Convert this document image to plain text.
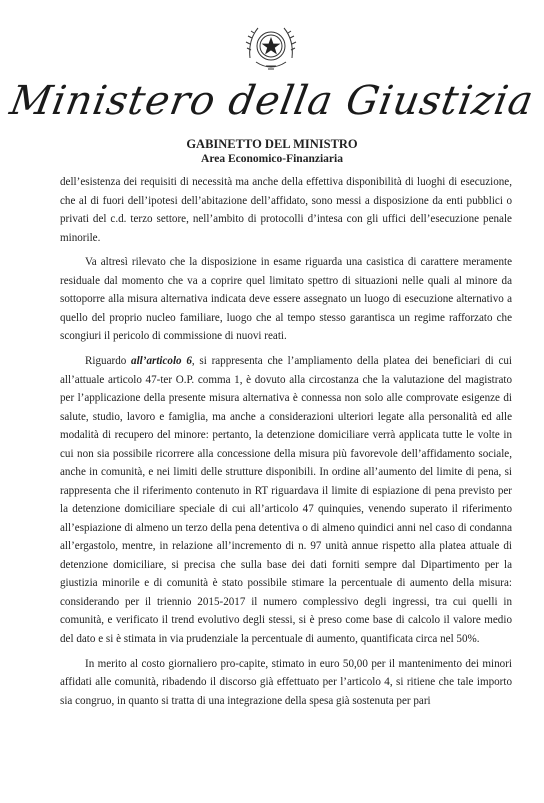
Ministero della Giustizia
GABINETTO DEL MINISTRO
Area Economico-Finanziaria

dell’esistenza dei requisiti di necessità ma anche della effettiva disponibilità di luoghi di esecuzione, che al di fuori dell’ipotesi dell’abitazione dell’affidato, sono messi a disposizione da enti pubblici o privati del c.d. terzo settore, nell’ambito di protocolli d’intesa con gli uffici dell’esecuzione penale minorile.

Va altresì rilevato che la disposizione in esame riguarda una casistica di carattere meramente residuale dal momento che va a coprire quel limitato spettro di situazioni nelle quali al minore da sottoporre alla misura alternativa indicata deve essere assegnato un luogo di esecuzione alternativo a quello del proprio nucleo familiare, luogo che al tempo stesso garantisca un regime rafforzato che scongiuri il pericolo di commissione di nuovi reati.

Riguardo all’articolo 6, si rappresenta che l’ampliamento della platea dei beneficiari di cui all’attuale articolo 47-ter O.P. comma 1, è dovuto alla circostanza che la valutazione del magistrato per l’applicazione della presente misura alternativa è connessa non solo alle comprovate esigenze di salute, studio, lavoro e famiglia, ma anche a considerazioni ulteriori legate alla personalità ed alle modalità di recupero del minore: pertanto, la detenzione domiciliare verrà applicata tutte le volte in cui non sia possibile ricorrere alla concessione della misura più favorevole dell’affidamento sociale, anche in comunità, e nei limiti delle strutture disponibili. In ordine all’aumento del limite di pena, si rappresenta che il riferimento contenuto in RT riguardava il limite di espiazione di pena previsto per la detenzione domiciliare speciale di cui all’articolo 47 quinquies, venendo superato il riferimento all’espiazione di almeno un terzo della pena detentiva o di almeno quindici anni nel caso di condanna all’ergastolo, mentre, in relazione all’incremento di n. 97 unità annue rispetto alla platea attuale di detenzione domiciliare, si precisa che sulla base dei dati forniti sempre dal Dipartimento per la giustizia minorile e di comunità è stato possibile stimare la percentuale di aumento della misura: considerando per il triennio 2015-2017 il numero complessivo degli ingressi, tra cui quelli in comunità, e verificato il trend evolutivo degli stessi, si è preso come base di calcolo il valore medio del dato e si è stimata in via prudenziale la percentuale di aumento, quantificata circa nel 50%.

In merito al costo giornaliero pro-capite, stimato in euro 50,00 per il mantenimento dei minori affidati alle comunità, ribadendo il discorso già effettuato per l’articolo 4, si ritiene che tale importo sia congruo, in quanto si tratta di una integrazione della spesa già sostenuta per pari
